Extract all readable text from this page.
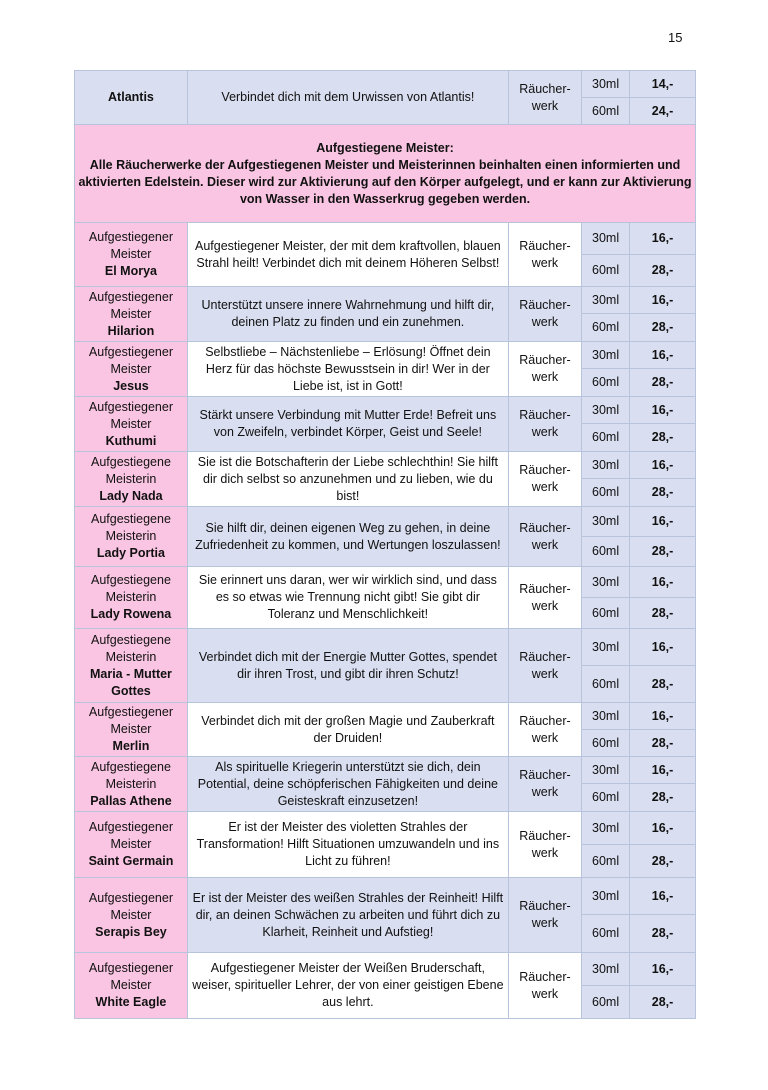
15
Atlantis	Verbindet dich mit dem Urwissen von Atlantis!	Räucher-werk	30ml	14,-
			60ml	24,-

Aufgestiegene Meister:
Alle Räucherwerke der Aufgestiegenen Meister und Meisterinnen beinhalten einen informierten und aktivierten Edelstein. Dieser wird zur Aktivierung auf den Körper aufgelegt, und er kann zur Aktivierung von Wasser in den Wasserkrug gegeben werden.				
Aufgestiegener Meister
El Morya	Aufgestiegener Meister, der mit dem kraftvollen, blauen Strahl heilt! Verbindet dich mit deinem Höheren Selbst!	Räucher-werk	30ml	16,-
			60ml	28,-
Aufgestiegener Meister
Hilarion	Unterstützt unsere innere Wahrnehmung und hilft dir, deinen Platz zu finden und ein zunehmen.	Räucher-werk	30ml	16,-
			60ml	28,-
Aufgestiegener Meister
Jesus	Selbstliebe – Nächstenliebe – Erlösung! Öffnet dein Herz für das höchste Bewusstsein in dir! Wer in der Liebe ist, ist in Gott!	Räucher-werk	30ml	16,-
			60ml	28,-
Aufgestiegener Meister
Kuthumi	Stärkt unsere Verbindung mit Mutter Erde! Befreit uns von Zweifeln, verbindet Körper, Geist und Seele!	Räucher-werk	30ml	16,-
			60ml	28,-
Aufgestiegene Meisterin
Lady Nada	Sie ist die Botschafterin der Liebe schlechthin! Sie hilft dir dich selbst so anzunehmen und zu lieben, wie du bist!	Räucher-werk	30ml	16,-
			60ml	28,-
Aufgestiegene Meisterin
Lady Portia	Sie hilft dir, deinen eigenen Weg zu gehen, in deine Zufriedenheit zu kommen, und Wertungen loszulassen!	Räucher-werk	30ml	16,-
			60ml	28,-
Aufgestiegene Meisterin
Lady Rowena	Sie erinnert uns daran, wer wir wirklich sind, und dass es so etwas wie Trennung nicht gibt! Sie gibt dir Toleranz und Menschlichkeit!	Räucher-werk	30ml	16,-
			60ml	28,-
Aufgestiegene Meisterin
Maria - Mutter Gottes	Verbindet dich mit der Energie Mutter Gottes, spendet dir ihren Trost, und gibt dir ihren Schutz!	Räucher-werk	30ml	16,-
			60ml	28,-
Aufgestiegener Meister
Merlin	Verbindet dich mit der großen Magie und Zauberkraft der Druiden!	Räucher-werk	30ml	16,-
			60ml	28,-
Aufgestiegene Meisterin
Pallas Athene	Als spirituelle Kriegerin unterstützt sie dich, dein Potential, deine schöpferischen Fähigkeiten und deine Geisteskraft einzusetzen!	Räucher-werk	30ml	16,-
			60ml	28,-
Aufgestiegener Meister
Saint Germain	Er ist der Meister des violetten Strahles der Transformation! Hilft Situationen umzuwandeln und ins Licht zu führen!	Räucher-werk	30ml	16,-
			60ml	28,-
Aufgestiegener Meister
Serapis Bey	Er ist der Meister des weißen Strahles der Reinheit! Hilft dir, an deinen Schwächen zu arbeiten und führt dich zu Klarheit, Reinheit und Aufstieg!	Räucher-werk	30ml	16,-
			60ml	28,-
Aufgestiegener Meister
White Eagle	Aufgestiegener Meister der Weißen Bruderschaft, weiser, spiritueller Lehrer, der von einer geistigen Ebene aus lehrt.	Räucher-werk	30ml	16,-
			60ml	28,-
